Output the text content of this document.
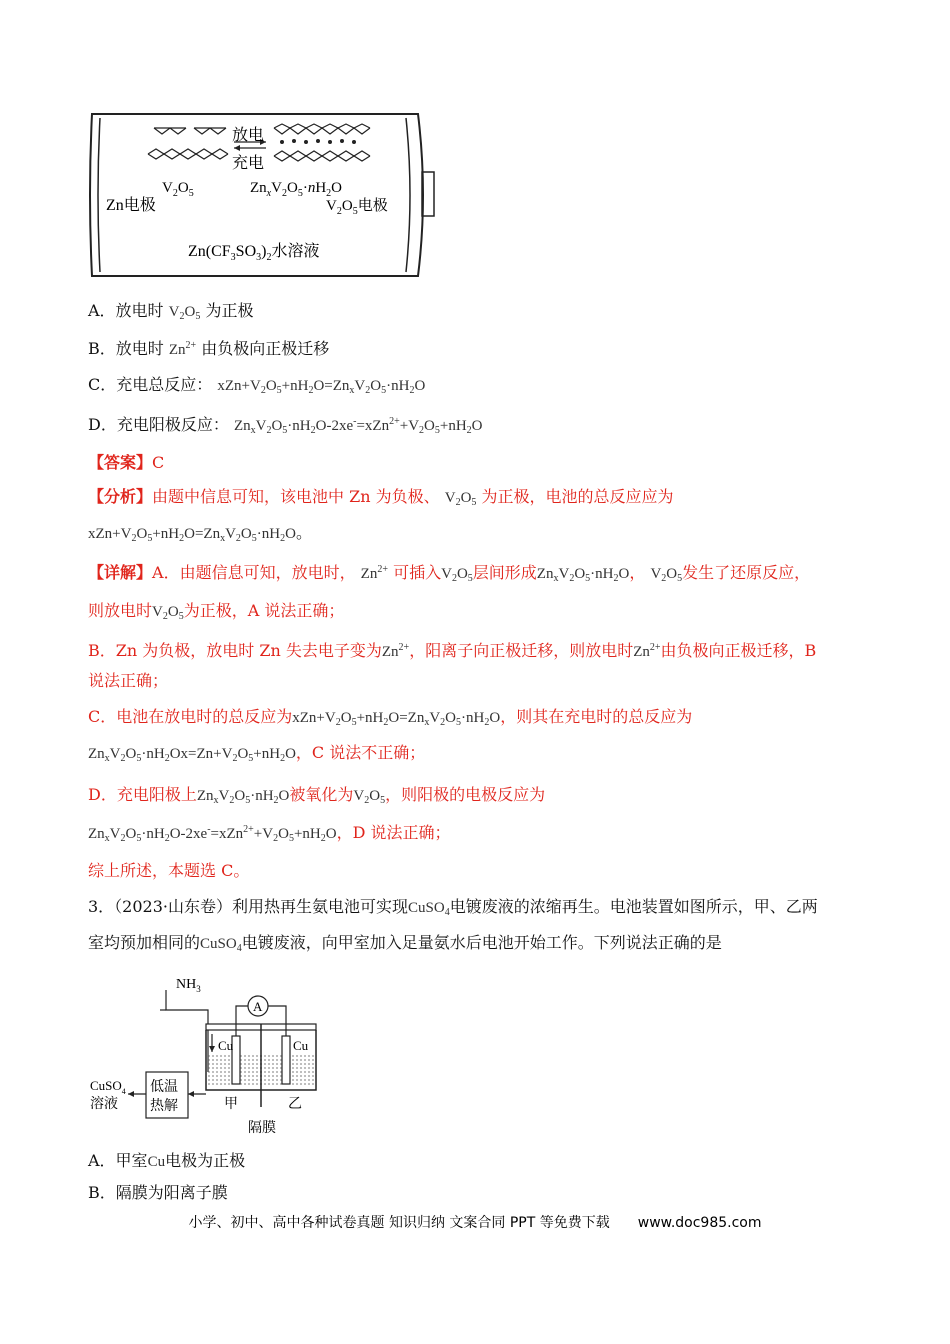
放电
充电
$V_2O_5$	$Zn_xV_2O_5\cdot nH_2O$
Zn电极	$V_2O_5$电极
$Zn(CF_3SO_3)_2$水溶液
A．放电时 $V_2O_5$ 为正极
B．放电时 $Zn^{2+}$ 由负极向正极迁移
C．充电总反应： $xZn+V_2O_5+nH_2O=Zn_xV_2O_5\cdot nH_2O$
D．充电阳极反应： $Zn_xV_2O_5\cdot nH_2O-2xe^-=xZn^{2+}+V_2O_5+nH_2O$
【答案】C
【分析】由题中信息可知，该电池中 Zn 为负极、 $V_2O_5$ 为正极，电池的总反应应为
$xZn+V_2O_5+nH_2O=Zn_xV_2O_5\cdot nH_2O$。
【详解】A．由题信息可知，放电时， $Zn^{2+}$ 可插入$V_2O_5$层间形成$Zn_xV_2O_5\cdot nH_2O$， $V_2O_5$发生了还原反应，
则放电时$V_2O_5$为正极，A 说法正确；
B．Zn 为负极，放电时 Zn 失去电子变为$Zn^{2+}$，阳离子向正极迁移，则放电时$Zn^{2+}$由负极向正极迁移，B
说法正确；
C．电池在放电时的总反应为$xZn+V_2O_5+nH_2O=Zn_xV_2O_5\cdot nH_2O$，则其在充电时的总反应为
$Zn_xV_2O_5\cdot nH_2Ox=Zn+V_2O_5+nH_2O$，C 说法不正确；
D．充电阳极上$Zn_xV_2O_5\cdot nH_2O$被氧化为$V_2O_5$，则阳极的电极反应为
$Zn_xV_2O_5\cdot nH_2O-2xe^-=xZn^{2+}+V_2O_5+nH_2O$，D 说法正确；
综上所述，本题选 C。
3．（2023·山东卷）利用热再生氨电池可实现CuSO$_4$电镀废液的浓缩再生。电池装置如图所示，甲、乙两
室均预加相同的CuSO$_4$电镀废液，向甲室加入足量氨水后电池开始工作。下列说法正确的是
$NH_3$
低温
热解
CuSO$_4$
溶液
Cu	Cu
A
甲	乙
隔膜
A．甲室Cu电极为正极
B．隔膜为阳离子膜
小学、初中、高中各种试卷真题 知识归纳 文案合同 PPT 等免费下载 www.doc985.com
